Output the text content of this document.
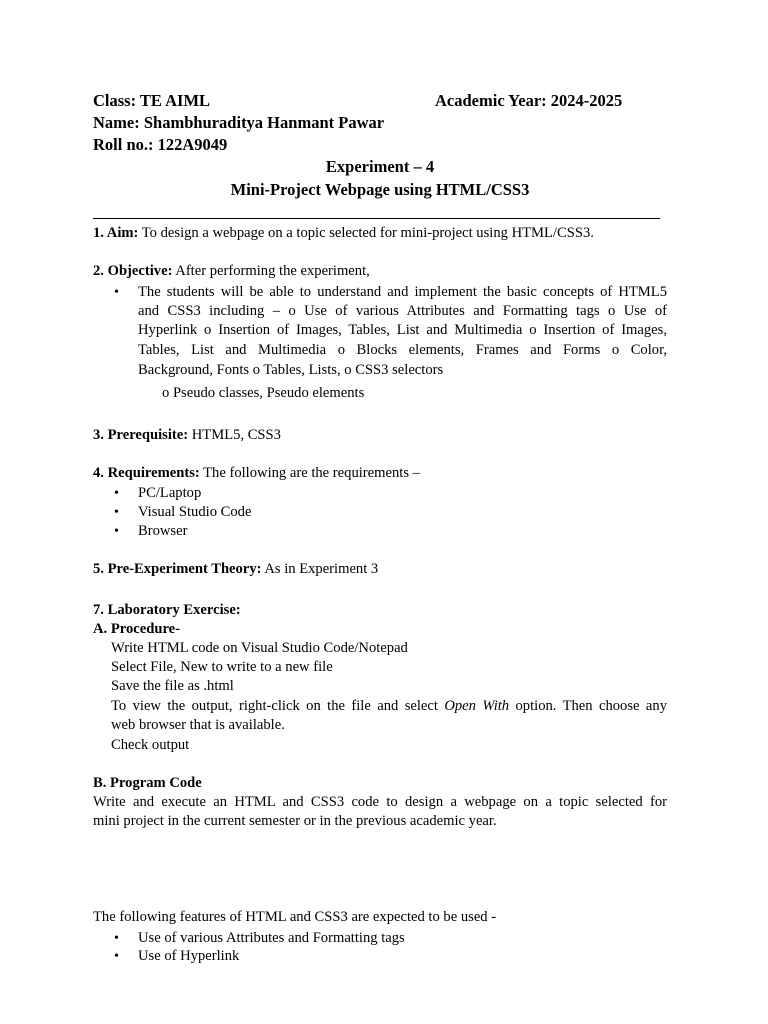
Class: TE AIML	Academic Year: 2024-2025
Name: Shambhuraditya Hanmant Pawar
Roll no.: 122A9049
Experiment – 4
Mini-Project Webpage using HTML/CSS3
1. Aim: To design a webpage on a topic selected for mini-project using HTML/CSS3.
2. Objective: After performing the experiment,
• The students will be able to understand and implement the basic concepts of HTML5
and CSS3 including – o Use of various Attributes and Formatting tags o Use of
Hyperlink o Insertion of Images, Tables, List and Multimedia o Insertion of Images,
Tables, List and Multimedia o Blocks elements, Frames and Forms o Color,
Background, Fonts o Tables, Lists, o CSS3 selectors
o Pseudo classes, Pseudo elements
3. Prerequisite: HTML5, CSS3
4. Requirements: The following are the requirements –
• PC/Laptop
• Visual Studio Code
• Browser
5. Pre-Experiment Theory: As in Experiment 3
7. Laboratory Exercise:
A. Procedure-
Write HTML code on Visual Studio Code/Notepad
Select File, New to write to a new file
Save the file as .html
To view the output, right-click on the file and select Open With option. Then choose any
web browser that is available.
Check output
B. Program Code
Write and execute an HTML and CSS3 code to design a webpage on a topic selected for
mini project in the current semester or in the previous academic year.
The following features of HTML and CSS3 are expected to be used -
• Use of various Attributes and Formatting tags
• Use of Hyperlink
